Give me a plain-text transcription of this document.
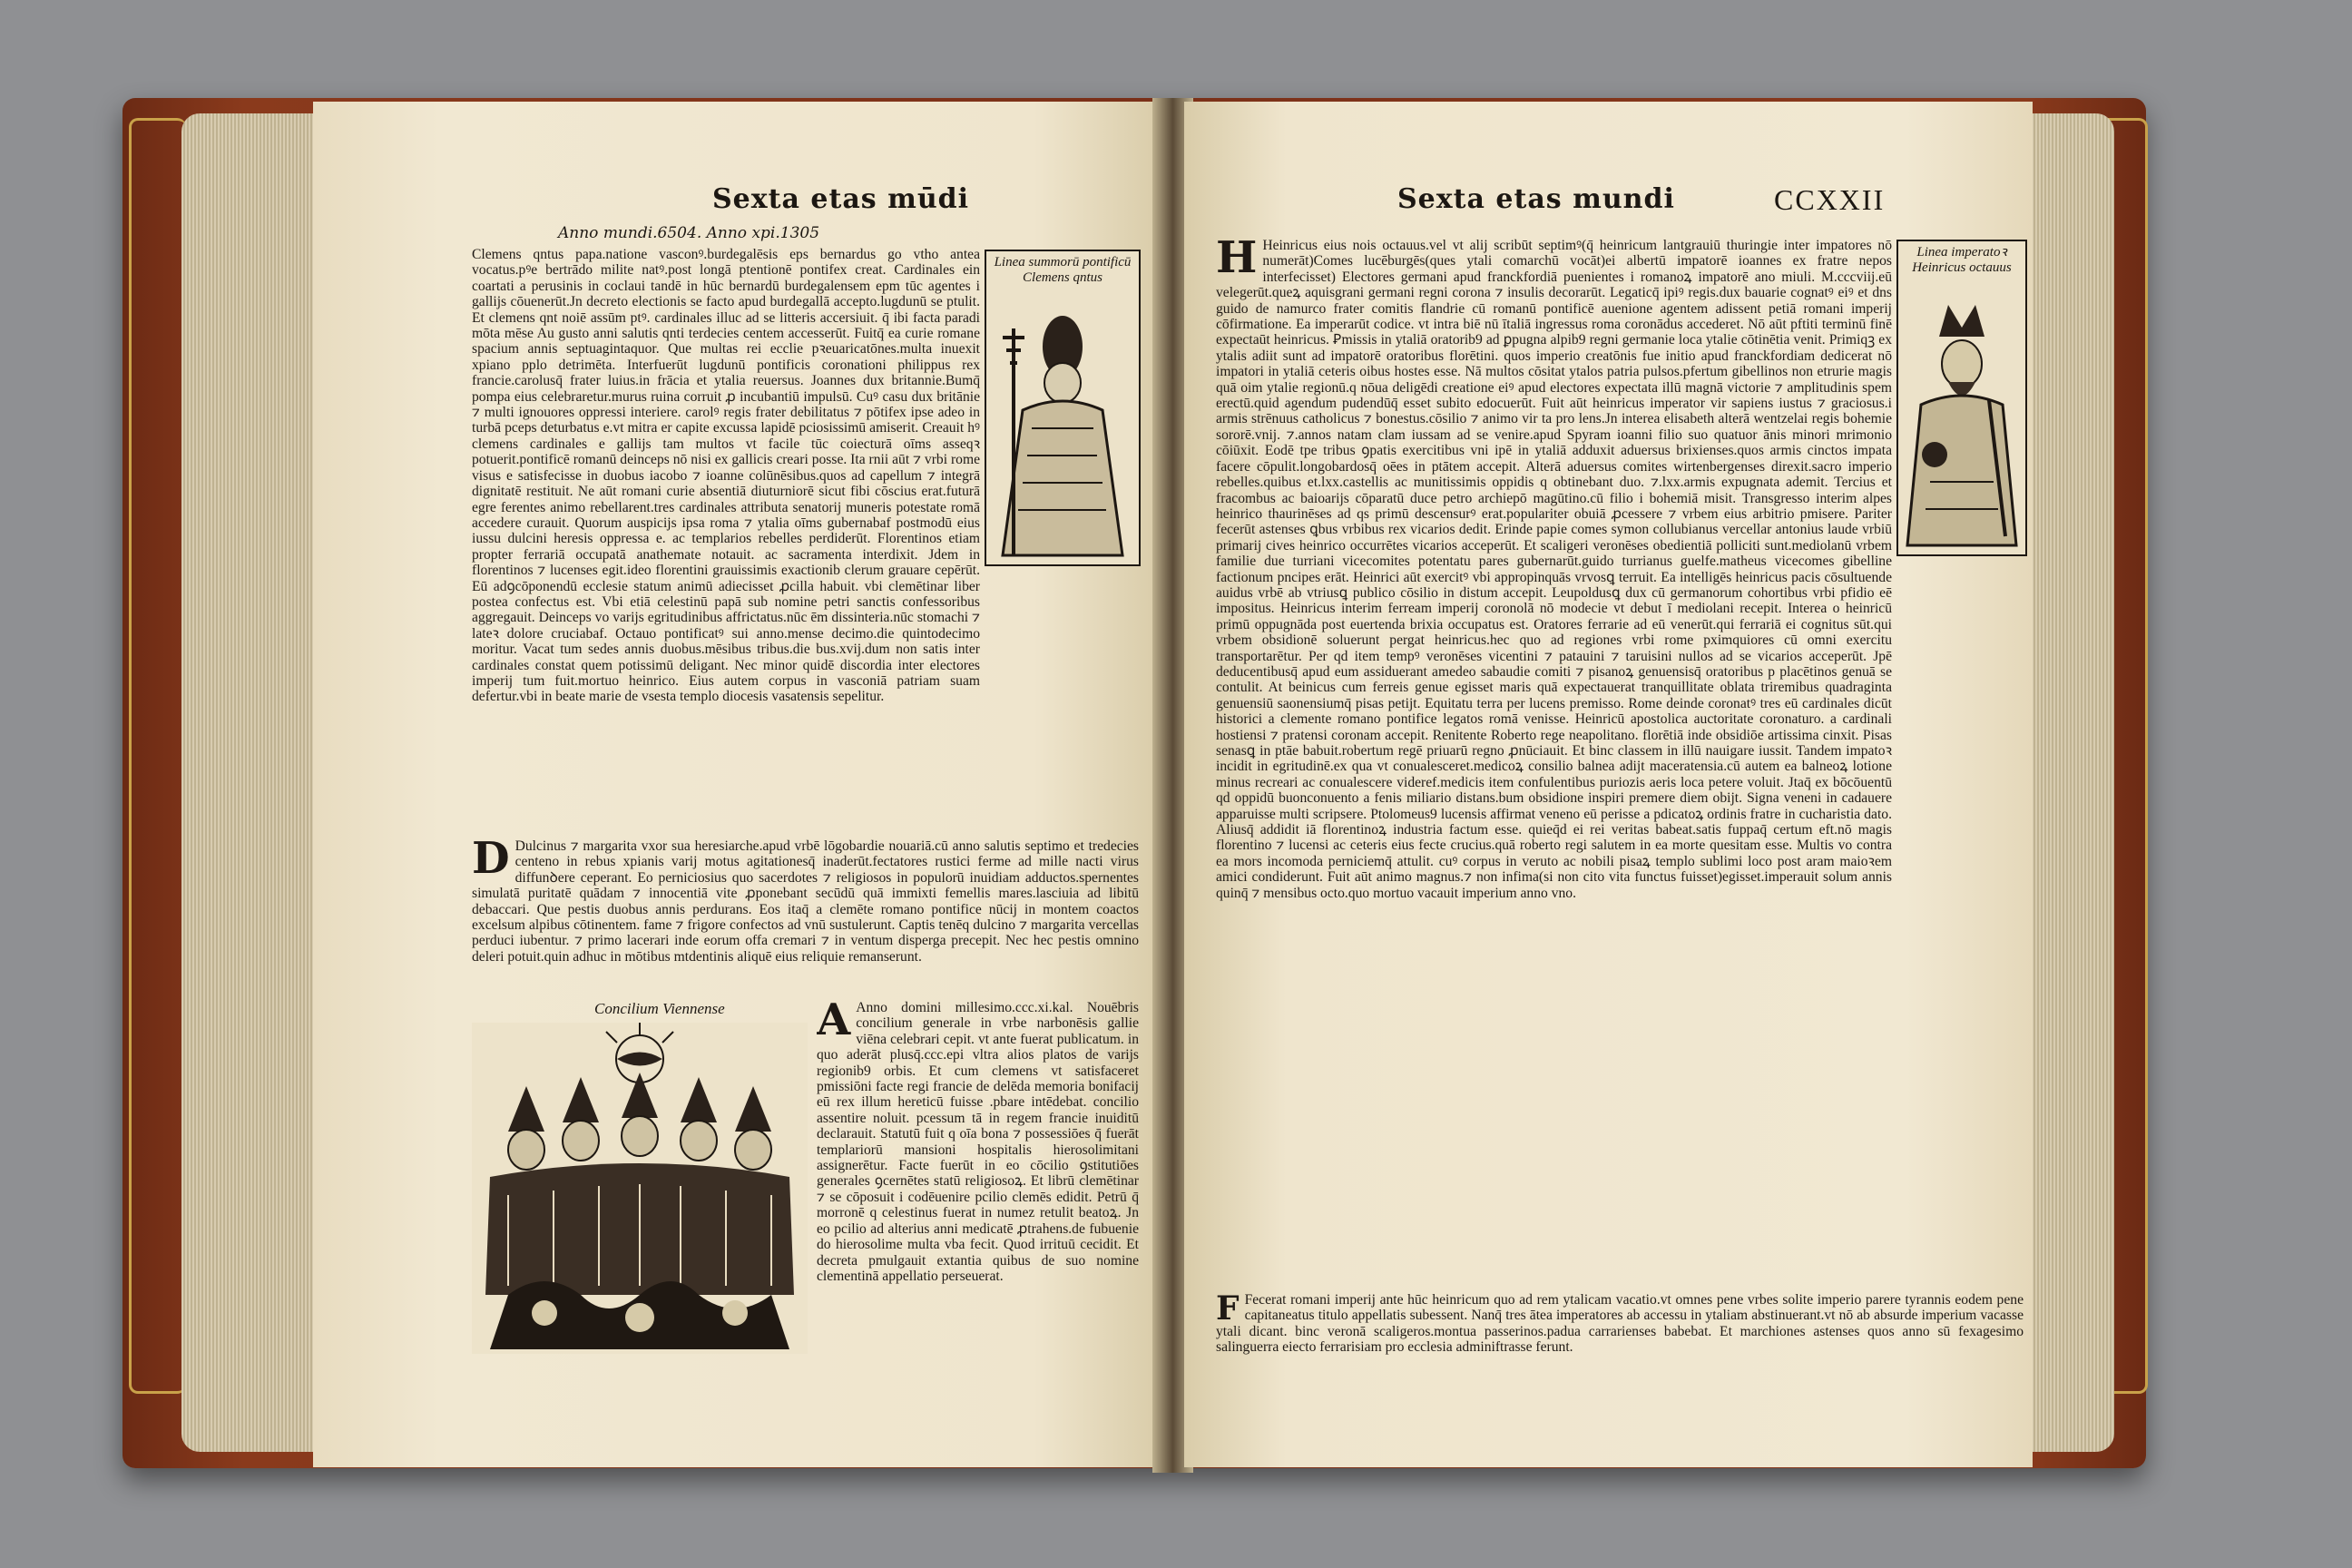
Sexta etas mūdi
Anno mundi.6504. Anno xpi.1305

Clemens qntus papa.natione vasconꝰ.burdegalēsis eps bernardus go vtho antea vocatus.pꝰe bertrādo milite natꝰ.post longā ptentionē pontifex creat. Cardinales ein coartati a perusinis in coclaui tandē in hūc bernardū burdegalensem epm tūc agentes i gallijs cōuenerūt.Jn decreto electionis se facto apud burdegallā accepto.lugdunū se ptulit. Et clemens qnt noiē assūm ptꝰ. cardinales illuc ad se litteris accersiuit. q̄ ibi facta paradi mōta mēse Au gusto anni salutis qnti terdecies centem accesserūt. Fuitq̄ ea curie romane spacium annis septuagintaquor. Que multas rei ecclie pꝛeuaricatōnes.multa inuexit xpiano pplo detrimēta. Interfuerūt lugdunū pontificis coronationi philippus rex francie.carolusq̄ frater luius.in frācia et ytalia reuersus. Joannes dux britannie.Bumq̄ pompa eius celebraretur.murus ruina corruit ꝓ incubantiū impulsū. Cuꝰ casu dux britānie ⁊ multi ignouores oppressi interiere. carolꝰ regis frater debilitatus ⁊ pōtifex ipse adeo in turbā pceps deturbatus e.vt mitra er capite excussa lapidē pciosissimū amiserit. Creauit hꝰ clemens cardinales e gallijs tam multos vt facile tūc coiecturā oīms asseqꝛ potuerit.pontificē romanū deinceps nō nisi ex gallicis creari posse. Ita rnii aūt ⁊ vrbi rome visus e satisfecisse in duobus iacobo ⁊ ioanne colūnēsibus.quos ad capellum ⁊ integrā dignitatē restituit. Ne aūt romani curie absentiā diuturniorē sicut fibi cōscius erat.futurā egre ferentes animo rebellarent.tres cardinales attributa senatorij muneris potestate romā accedere curauit. Quorum auspicijs ipsa roma ⁊ ytalia oīms gubernabaf postmodū eius iussu dulcini heresis oppressa e. ac templarios rebelles perdiderūt. Florentinos etiam propter ferrariā occupatā anathemate notauit. ac sacramenta interdixit. Jdem in florentinos ⁊ lucenses egit.ideo florentini grauissimis exactionib clerum grauare cepērūt. Eū adꝯcōponendū ecclesie statum animū adiecisset ꝓcilla habuit. vbi clemētinar liber postea confectus est. Vbi etiā celestinū papā sub nomine petri sanctis confessoribus aggregauit. Deinceps vo varijs egritudinibus affrictatus.nūc ēm dissinteria.nūc stomachi ⁊ lateꝛ dolore cruciabaf. Octauo pontificatꝰ sui anno.mense decimo.die quintodecimo moritur. Vacat tum sedes annis duobus.mēsibus tribus.die bus.xvij.dum non satis inter cardinales constat quem potissimū deligant. Nec minor quidē discordia inter electores imperij tum fuit.mortuo heinrico. Eius autem corpus in vasconiā patriam suam defertur.vbi in beate marie de vsesta templo diocesis vasatensis sepelitur.

Linea summorū pontificū Clemens qntus

D Dulcinus ⁊ margarita vxor sua heresiarche.apud vrbē lōgobardie nouariā.cū anno salutis septimo et tredecies centeno in rebus xpianis varij motus agitationesq̄ inaderūt.fectatores rustici ferme ad mille nacti virus diffunꝺere ceperant. Eo perniciosius quo sacerdotes ⁊ religiosos in populorū inuidiam adductos.spernentes simulatā puritatē quādam ⁊ innocentiā vite ꝓponebant secūdū quā immixti femellis mares.lasciuia ad libitū debaccari. Que pestis duobus annis perdurans. Eos itaq̄ a clemēte romano pontifice nūcij in montem coactos excelsum alpibus cōtinentem. fame ⁊ frigore confectos ad vnū sustulerunt. Captis tenēq dulcino ⁊ margarita vercellas perduci iubentur. ⁊ primo lacerari inde eorum offa cremari ⁊ in ventum disperga precepit. Nec hec pestis omnino deleri potuit.quin adhuc in mōtibus mtdentinis aliquē eius reliquie remanserunt.

Concilium Viennense A Anno domini millesimo.ccc.xi.kal. Nouēbris concilium generale in vrbe narbonēsis gallie viēna celebrari cepit. vt ante fuerat publicatum. in quo aderāt plusq̄.ccc.epi vltra alios platos de varijs regionib9 orbis. Et cum clemens vt satisfaceret pmissiōni facte regi francie de delēda memoria bonifacij eū rex illum hereticū fuisse .pbare intēdebat. concilio assentire noluit. pcessum tā in regem francie inuiditū declarauit. Statutū fuit q oīa bona ⁊ possessiōes q̄ fuerāt templariorū mansioni hospitalis hierosolimitani assignerētur. Facte fuerūt in eo cōcilio ꝯstitutiōes generales ꝯcernētes statū religiosoꝝ. Et librū clemētinar ⁊ se cōposuit i codēuenire pcilio clemēs edidit. Petrū q̄ morronē q celestinus fuerat in numez retulit beatoꝝ. Jn eo pcilio ad alterius anni medicatē ꝓtrahens.de fubuenie do hierosolime multa vba fecit. Quod irrituū cecidit. Et decreta pmulgauit extantia quibus de suo nomine clementinā appellatio perseuerat.

Sexta etas mundi	CCXXII

H Heinricus eius nois octauus.vel vt alij scribūt septimꝰ(q̄ heinricum lantgrauiū thuringie inter impatores nō numerāt)Comes lucēburgēs(ques ytali comarchū vocāt)ei albertū impatorē ioannes ex fratre nepos interfecisset) Electores germani apud franckfordiā puenientes i romanoꝝ impatorē ano miuli. M.cccviij.eū velegerūt.queꝝ aquisgrani germani regni corona ⁊ insulis decorarūt. Legaticq̄ ipiꝰ regis.dux bauarie cognatꝰ eiꝰ et dns guido de namurco frater comitis flandrie cū romanū pontificē auenione agentem adissent petiā romani imperij cōfirmatione. Ea imperarūt codice. vt intra biē nū ītaliā ingressus roma coronādus accederet. Nō aūt pftiti terminū finē expectaūt heinricus. Ꝑmissis in ytaliā oratorib9 ad ꝑpugna alpib9 regni germanie loca ytalie cōtinētia venit. Primiqꝫ ex ytalis adiit sunt ad impatorē oratoribus florētini. quos imperio creatōnis fue initio apud franckfordiam dedicerat nō impatori in ytaliā ceteris oibus hostes esse. Nā multos cōsitat ytalos patria pulsos.pfertum gibellinos non etrurie magis quā oim ytalie regionū.q nōua deligēdi creatione eiꝰ apud electores expectata illū magnā victorie ⁊ amplitudinis spem erectū.quid agendum pudendūq̄ esset subito edocuerūt. Fuit aūt heinricus imperator vir sapiens iustus ⁊ graciosus.i armis strēnuus catholicus ⁊ bonestus.cōsilio ⁊ animo vir ta pro lens.Jn interea elisabeth alterā wentzelai regis bohemie sororē.vnij. ⁊.annos natam clam iussam ad se venire.apud Spyram ioanni filio suo quatuor ānis minori mrimonio cōiūxit. Eodē tpe tribus ꝯpatis exercitibus vni ipē in ytaliā adduxit aduersus brixienses.quos armis cinctos impata facere cōpulit.longobardosq̄ oēes in ptātem accepit. Alterā aduersus comites wirtenbergenses direxit.sacro imperio rebelles.quibus et.lxx.castellis ac munitissimis oppidis q obtinebant duo. ⁊.lxx.armis expugnata ademit. Tercius et fracombus ac baioarijs cōparatū duce petro archiepō magūtino.cū filio i bohemiā misit. Transgresso interim alpes heinrico thaurinēses ad qs primū descensurꝰ erat.populariter obuiā ꝓcessere ⁊ vrbem eius arbitrio pmisere. Pariter fecerūt astenses ꝗbus vrbibus rex vicarios dedit. Erinde papie comes symon collubianus vercellar antonius laude vrbiū primarij cives heinrico occurrētes vicarios acceperūt. Et scaligeri veronēses obedientiā polliciti sunt.mediolanū vrbem familie due turriani vicecomites potentatu pares gubernarūt.guido turrianus guelfe.matheus vicecomes gibelline factionum pncipes erāt. Heinrici aūt exercitꝰ vbi appropinquās vrvosꝗ terruit. Ea intelligēs heinricus pacis cōsultuende auidus vrbē ab vtriusꝗ publico cōsilio in distum accepit. Leupoldusꝗ dux cū germanorum cohortibus vrbi pfidio eē impositus. Heinricus interim ferream imperij coronolā nō modecie vt debut ī mediolani recepit. Interea o heinricū primū oppugnāda post euertenda brixia occupatus est. Oratores ferrarie ad eū venerūt.qui ferrariā ei cognitus sūt.qui vrbem obsidionē soluerunt pergat heinricus.hec quo ad regiones vrbi rome pximquiores cū omni exercitu transportarētur. Per qd item tempꝰ veronēses vicentini ⁊ patauini ⁊ taruisini nullos ad se vicarios acceperūt. Jpē deducentibusq̄ apud eum assiduerant amedeo sabaudie comiti ⁊ pisanoꝝ genuensisq̄ oratoribus p placētinos genuā se contulit. At beinicus cum ferreis genue egisset maris quā expectauerat tranquillitate oblata triremibus quadraginta genuensiū saonensiumq̄ pisas petijt. Equitatu terra per lucens premisso. Rome deinde coronatꝰ tres eū cardinales dicūt historici a clemente romano pontifice legatos romā venisse. Heinricū apostolica auctoritate coronaturo. a cardinali hostiensi ⁊ pratensi coronam accepit. Renitente Roberto rege neapolitano. florētiā inde obsidiōe artissima cinxit. Pisas senasꝗ in ptāe babuit.robertum regē priuarū regno ꝓnūciauit. Et binc classem in illū nauigare iussit. Tandem impatoꝛ incidit in egritudinē.ex qua vt conualesceret.medicoꝝ consilio balnea adijt maceratensia.cū autem ea balneoꝝ lotione minus recreari ac conualescere videref.medicis item confulentibus puriozis aeris loca petere voluit. Jtaq̄ ex bōcōuentū qd oppidū buonconuento a fenis miliario distans.bum obsidione inspiri premere diem obijt. Signa veneni in cadauere apparuisse multi scripsere. Ptolomeus9 lucensis affirmat veneno eū perisse a pdicatoꝝ ordinis fratre in cucharistia dato. Aliusq̄ addidit iā florentinoꝝ industria factum esse. quieq̄d ei rei veritas babeat.satis fuppaq̄ certum eft.nō magis florentino ⁊ lucensi ac ceteris eius fecte crucius.quā roberto regi salutem in ea morte quesitam esse. Multis vo contra ea mors incomoda perniciemq̄ attulit. cuꝰ corpus in veruto ac nobili pisaꝝ templo sublimi loco post aram maioꝛem amici condiderunt. Fuit aūt animo magnus.⁊ non infima(si non cito vita functus fuisset)egisset.imperauit solum annis quinq̄ ⁊ mensibus octo.quo mortuo vacauit imperium anno vno.

Linea imperatoꝛ Heinricus octauus

F Fecerat romani imperij ante hūc heinricum quo ad rem ytalicam vacatio.vt omnes pene vrbes solite imperio parere tyrannis eodem pene capitaneatus titulo appellatis subessent. Nanq̄ tres ātea imperatores ab accessu in ytaliam abstinuerant.vt nō ab absurde imperium vacasse ytali dicant. binc veronā scaligeros.montua passerinos.padua carrarienses babebat. Et marchiones astenses quos anno sū fexagesimo salinguerra eiecto ferrarisiam pro ecclesia adminiftrasse ferunt.
